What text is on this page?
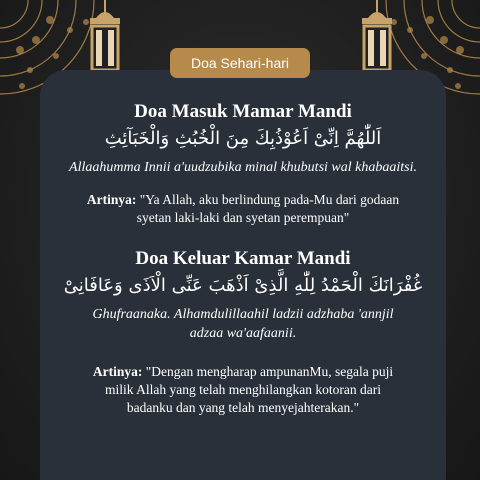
Doa Sehari-hari
Doa Masuk Mamar Mandi
اَللّٰهُمَّ اِنِّىْ اَعُوْذُبِكَ مِنَ الْخُبُثِ وَالْخَبَآئِثِ
Allaahumma Innii a'uudzubika minal khubutsi wal khabaaitsi.
Artinya: "Ya Allah, aku berlindung pada-Mu dari godaan syetan laki-laki dan syetan perempuan"
Doa Keluar Kamar Mandi
غُفْرَانَكَ الْحَمْدُ لِلّٰهِ الَّذِىْ اَذْهَبَ عَنِّى الْاَذَى وَعَافَانِىْ
Ghufraanaka. Alhamdulillaahil ladzii adzhaba 'annjil adzaa wa'aafaanii.
Artinya: "Dengan mengharap ampunanMu, segala puji milik Allah yang telah menghilangkan kotoran dari badanku dan yang telah menyejahterakan."
